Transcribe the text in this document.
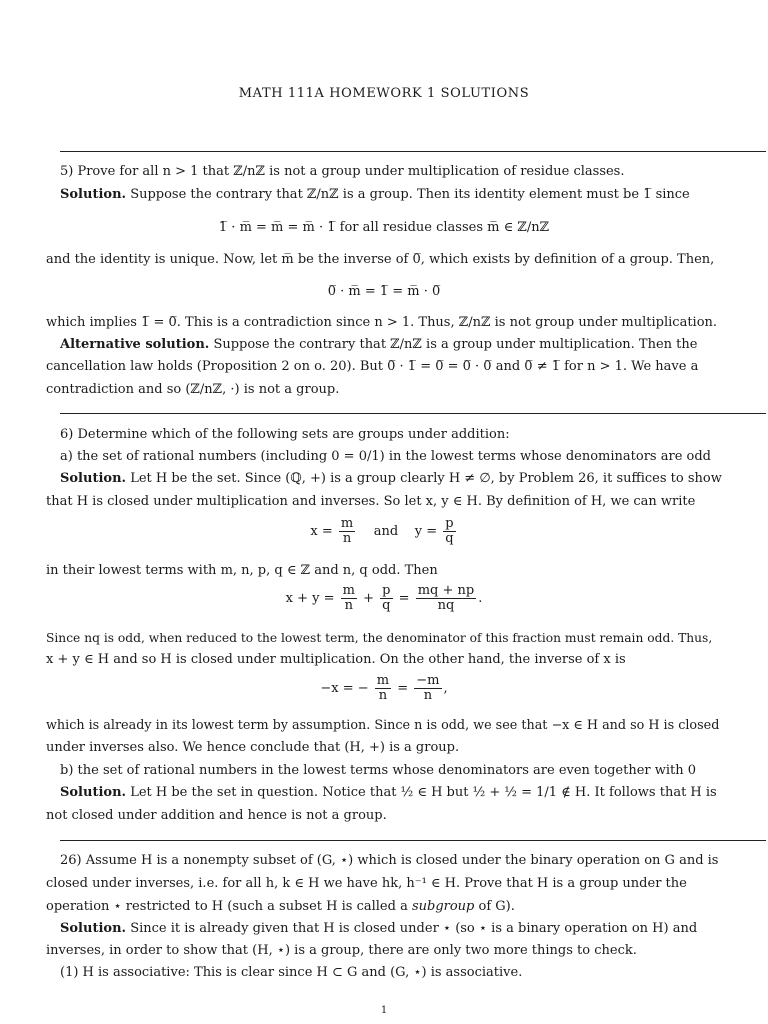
MATH 111A HOMEWORK 1 SOLUTIONS
5) Prove for all n > 1 that ℤ/nℤ is not a group under multiplication of residue classes.
Solution. Suppose the contrary that ℤ/nℤ is a group. Then its identity element must be 1̅ since
1̅ · m̅ = m̅ = m̅ · 1̅ for all residue classes m̅ ∈ ℤ/nℤ
and the identity is unique. Now, let m̅ be the inverse of 0̅, which exists by definition of a group. Then,
0̅ · m̅ = 1̅ = m̅ · 0̅
which implies 1̅ = 0̅. This is a contradiction since n > 1. Thus, ℤ/nℤ is not group under multiplication.
Alternative solution. Suppose the contrary that ℤ/nℤ is a group under multiplication. Then the
cancellation law holds (Proposition 2 on o. 20). But 0̅ · 1̅ = 0̅ = 0̅ · 0̅ and 0̅ ≠ 1̅ for n > 1. We have a
contradiction and so (ℤ/nℤ, ·) is not a group.
6) Determine which of the following sets are groups under addition:
a) the set of rational numbers (including 0 = 0/1) in the lowest terms whose denominators are odd
Solution. Let H be the set. Since (ℚ, +) is a group clearly H ≠ ∅, by Problem 26, it suffices to show
that H is closed under multiplication and inverses. So let x, y ∈ H. By definition of H, we can write
$x = \frac{m}{n}$ and $y = \frac{p}{q}$
in their lowest terms with m, n, p, q ∈ ℤ and n, q odd. Then
$x + y = \frac{m}{n} + \frac{p}{q} = \frac{mq + np}{nq}$ .
Since nq is odd, when reduced to the lowest term, the denominator of this fraction must remain odd. Thus,
x + y ∈ H and so H is closed under multiplication. On the other hand, the inverse of x is
−x = − $\frac{m}{n} = \frac{-m}{n}$ ,
which is already in its lowest term by assumption. Since n is odd, we see that −x ∈ H and so H is closed
under inverses also. We hence conclude that (H, +) is a group.
b) the set of rational numbers in the lowest terms whose denominators are even together with 0
Solution. Let H be the set in question. Notice that ½ ∈ H but ½ + ½ = 1/1 ∉ H. It follows that H is
not closed under addition and hence is not a group.
26) Assume H is a nonempty subset of (G, ⋆) which is closed under the binary operation on G and is
closed under inverses, i.e. for all h, k ∈ H we have hk, h⁻¹ ∈ H. Prove that H is a group under the
operation ⋆ restricted to H (such a subset H is called a subgroup of G).
Solution. Since it is already given that H is closed under ⋆ (so ⋆ is a binary operation on H) and
inverses, in order to show that (H, ⋆) is a group, there are only two more things to check.
(1) H is associative: This is clear since H ⊂ G and (G, ⋆) is associative.
1
